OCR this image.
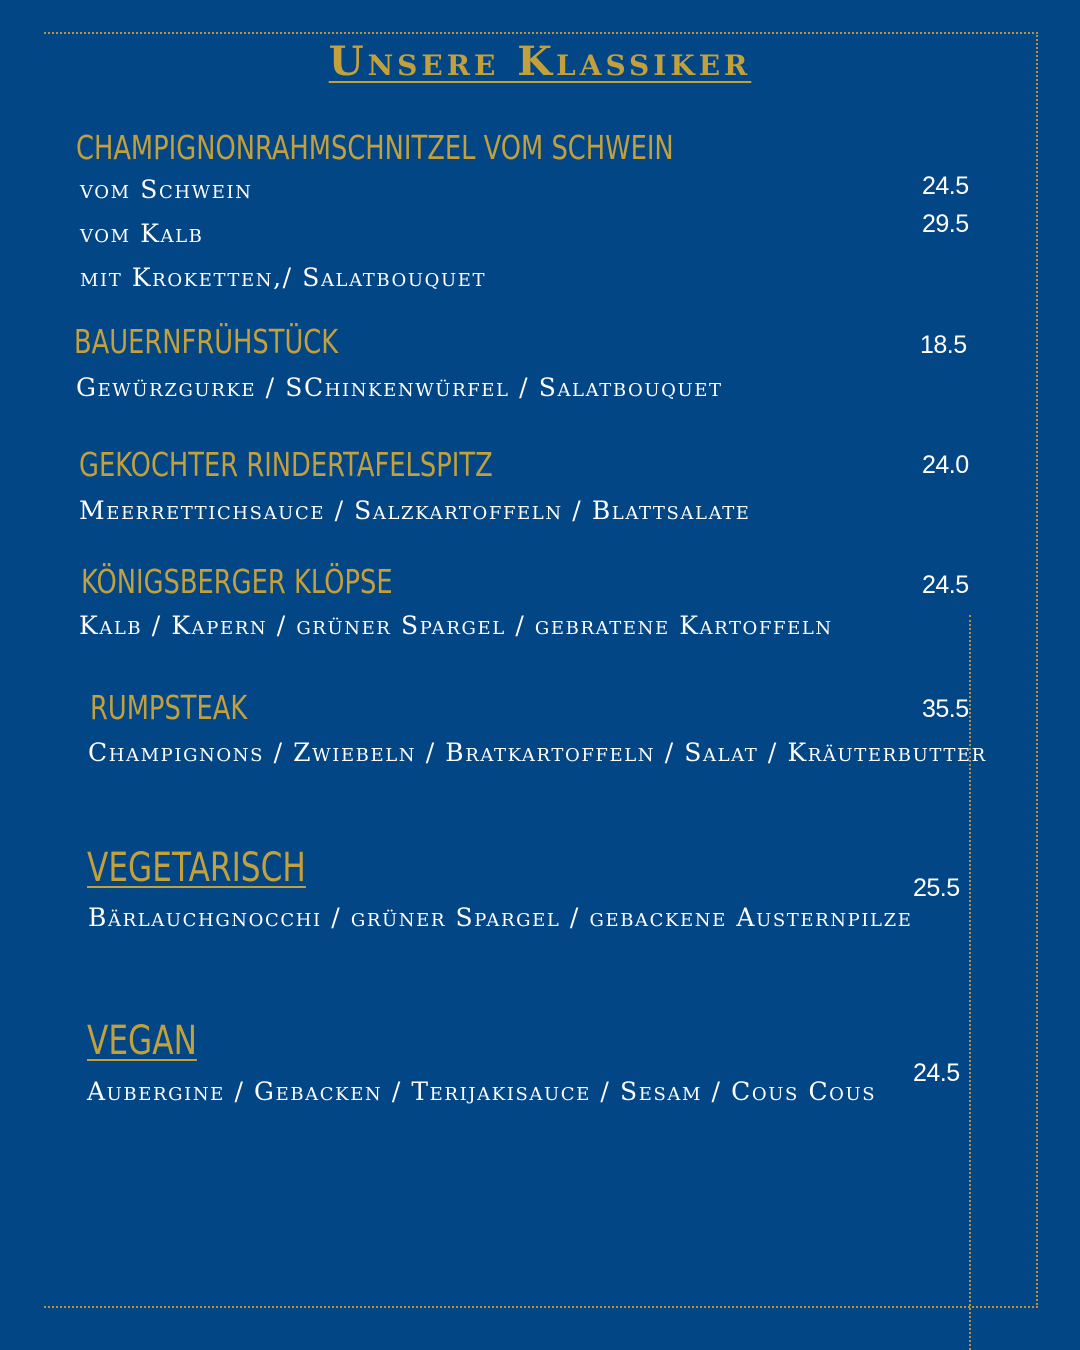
Unsere Klassiker
CHAMPIGNONRAHMSCHNITZEL VOM SCHWEIN

vom Schwein

vom Kalb

mit Kroketten,/ Salatbouquet

24.5

29.5

BAUERNFRÜHSTÜCK

Gewürzgurke / SChinkenwürfel / Salatbouquet

18.5

GEKOCHTER RINDERTAFELSPITZ

Meerrettichsauce / Salzkartoffeln / Blattsalate

24.0

KÖNIGSBERGER KLÖPSE

Kalb / Kapern / grüner Spargel / gebratene Kartoffeln

24.5

RUMPSTEAK

Champignons / Zwiebeln / Bratkartoffeln / Salat / Kräuterbutter

35.5

VEGETARISCH

Bärlauchgnocchi / grüner Spargel / gebackene Austernpilze

25.5

VEGAN

Aubergine / Gebacken / Terijakisauce / Sesam / Cous Cous

24.5
